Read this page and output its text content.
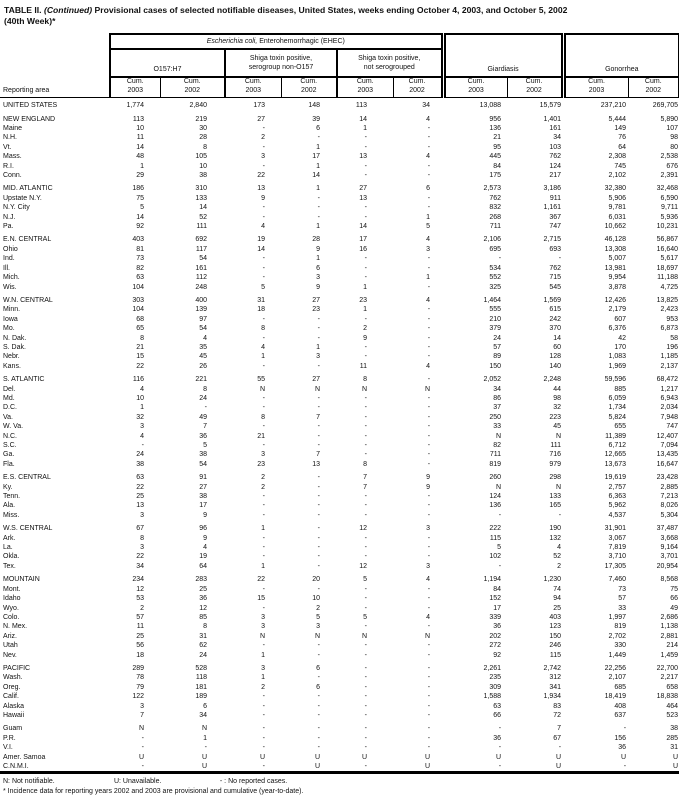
TABLE II. (Continued) Provisional cases of selected notifiable diseases, United States, weeks ending October 4, 2003, and October 5, 2002
(40th Week)*
Reporting area	Escherichia coli, Enterohemorrhagic (EHEC)						Giardiasis		Gonorrhea	
	O157:H7		Shiga toxin positive,
serogroup non-O157		Shiga toxin positive,
not serogrouped					
	Cum.
2003	Cum.
2002	Cum.
2003	Cum.
2002	Cum.
2003	Cum.
2002	Cum.
2003	Cum.
2002	Cum.
2003	Cum.
2002
UNITED STATES	1,774	2,840	173	148	113	34	13,088	15,579	237,210	269,705

NEW ENGLAND	113	219	27	39	14	4	956	1,401	5,444	5,890
Maine	10	30	-	6	1	-	136	161	149	107
N.H.	11	28	2	-	-	-	21	34	76	98
Vt.	14	8	-	1	-	-	95	103	64	80
Mass.	48	105	3	17	13	4	445	762	2,308	2,538
R.I.	1	10	-	1	-	-	84	124	745	676
Conn.	29	38	22	14	-	-	175	217	2,102	2,391

MID. ATLANTIC	186	310	13	1	27	6	2,573	3,186	32,380	32,468
Upstate N.Y.	75	133	9	-	13	-	762	911	5,906	6,590
N.Y. City	5	14	-	-	-	-	832	1,161	9,781	9,711
N.J.	14	52	-	-	-	1	268	367	6,031	5,936
Pa.	92	111	4	1	14	5	711	747	10,662	10,231

E.N. CENTRAL	403	692	19	28	17	4	2,106	2,715	46,128	56,867
Ohio	81	117	14	9	16	3	695	693	13,308	16,640
Ind.	73	54	-	1	-	-	-	-	5,007	5,617
Ill.	82	161	-	6	-	-	534	762	13,981	18,697
Mich.	63	112	-	3	-	1	552	715	9,954	11,188
Wis.	104	248	5	9	1	-	325	545	3,878	4,725

W.N. CENTRAL	303	400	31	27	23	4	1,464	1,569	12,426	13,825
Minn.	104	139	18	23	1	-	555	615	2,179	2,423
Iowa	68	97	-	-	-	-	210	242	607	953
Mo.	65	54	8	-	2	-	379	370	6,376	6,873
N. Dak.	8	4	-	-	9	-	24	14	42	58
S. Dak.	21	35	4	1	-	-	57	60	170	196
Nebr.	15	45	1	3	-	-	89	128	1,083	1,185
Kans.	22	26	-	-	11	4	150	140	1,969	2,137

S. ATLANTIC	116	221	55	27	8	-	2,052	2,248	59,596	68,472
Del.	4	8	N	N	N	N	34	44	885	1,217
Md.	10	24	-	-	-	-	86	98	6,059	6,943
D.C.	1	-	-	-	-	-	37	32	1,734	2,034
Va.	32	49	8	7	-	-	250	223	5,824	7,948
W. Va.	3	7	-	-	-	-	33	45	655	747
N.C.	4	36	21	-	-	-	N	N	11,389	12,407
S.C.	-	5	-	-	-	-	82	111	6,712	7,094
Ga.	24	38	3	7	-	-	711	716	12,665	13,435
Fla.	38	54	23	13	8	-	819	979	13,673	16,647

E.S. CENTRAL	63	91	2	-	7	9	260	298	19,619	23,428
Ky.	22	27	2	-	7	9	N	N	2,757	2,885
Tenn.	25	38	-	-	-	-	124	133	6,363	7,213
Ala.	13	17	-	-	-	-	136	165	5,962	8,026
Miss.	3	9	-	-	-	-	-	-	4,537	5,304

W.S. CENTRAL	67	96	1	-	12	3	222	190	31,901	37,487
Ark.	8	9	-	-	-	-	115	132	3,067	3,668
La.	3	4	-	-	-	-	5	4	7,819	9,164
Okla.	22	19	-	-	-	-	102	52	3,710	3,701
Tex.	34	64	1	-	12	3	-	2	17,305	20,954

MOUNTAIN	234	283	22	20	5	4	1,194	1,230	7,460	8,568
Mont.	12	25	-	-	-	-	84	74	73	75
Idaho	53	36	15	10	-	-	152	94	57	66
Wyo.	2	12	-	2	-	-	17	25	33	49
Colo.	57	85	3	5	5	4	339	403	1,997	2,686
N. Mex.	11	8	3	3	-	-	36	123	819	1,138
Ariz.	25	31	N	N	N	N	202	150	2,702	2,881
Utah	56	62	-	-	-	-	272	246	330	214
Nev.	18	24	1	-	-	-	92	115	1,449	1,459

PACIFIC	289	528	3	6	-	-	2,261	2,742	22,256	22,700
Wash.	78	118	1	-	-	-	235	312	2,107	2,217
Oreg.	79	181	2	6	-	-	309	341	685	658
Calif.	122	189	-	-	-	-	1,588	1,934	18,419	18,838
Alaska	3	6	-	-	-	-	63	83	408	464
Hawaii	7	34	-	-	-	-	66	72	637	523

Guam	N	N	-	-	-	-	-	7	-	38
P.R.	-	1	-	-	-	-	36	67	156	285
V.I.	-	-	-	-	-	-	-	-	36	31
Amer. Samoa	U	U	U	U	U	U	U	U	U	U
C.N.M.I.	-	U	-	U	-	U	-	U	-	U
N: Not notifiable.	U: Unavailable.	- : No reported cases.
* Incidence data for reporting years 2002 and 2003 are provisional and cumulative (year-to-date).
